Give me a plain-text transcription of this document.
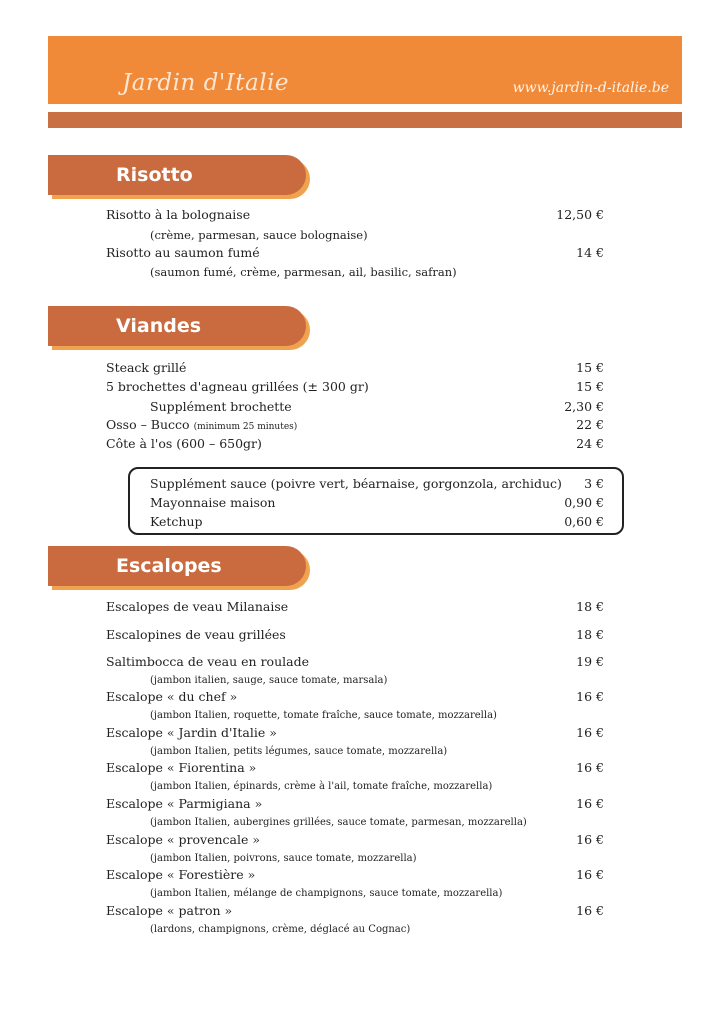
Jardin d'Italie	www.jardin-d-italie.be
Risotto
Risotto à la bolognaise	12,50 €
(crème, parmesan, sauce bolognaise)
Risotto au saumon fumé	14 €
(saumon fumé, crème, parmesan, ail, basilic, safran)
Viandes
Steack grillé	15 €
5 brochettes d'agneau grillées (± 300 gr)	15 €
Supplément brochette	2,30 €
Osso – Bucco (minimum 25 minutes)	22 €
Côte à l'os (600 – 650gr)	24 €
Supplément sauce (poivre vert, béarnaise, gorgonzola, archiduc) 3 €
Mayonnaise maison	0,90 €
Ketchup	0,60 €
Escalopes
Escalopes de veau Milanaise	18 €
Escalopines de veau grillées	18 €
Saltimbocca de veau en roulade	19 €
(jambon italien, sauge, sauce tomate, marsala)
Escalope « du chef »	16 €
(jambon Italien, roquette, tomate fraîche, sauce tomate, mozzarella)
Escalope « Jardin d'Italie »	16 €
(jambon Italien, petits légumes, sauce tomate, mozzarella)
Escalope « Fiorentina »	16 €
(jambon Italien, épinards, crème à l'ail, tomate fraîche, mozzarella)
Escalope « Parmigiana »	16 €
(jambon Italien, aubergines grillées, sauce tomate, parmesan, mozzarella)
Escalope « provencale »	16 €
(jambon Italien, poivrons, sauce tomate, mozzarella)
Escalope « Forestière »	16 €
(jambon Italien, mélange de champignons, sauce tomate, mozzarella)
Escalope « patron »	16 €
(lardons, champignons, crème, déglacé au Cognac)
